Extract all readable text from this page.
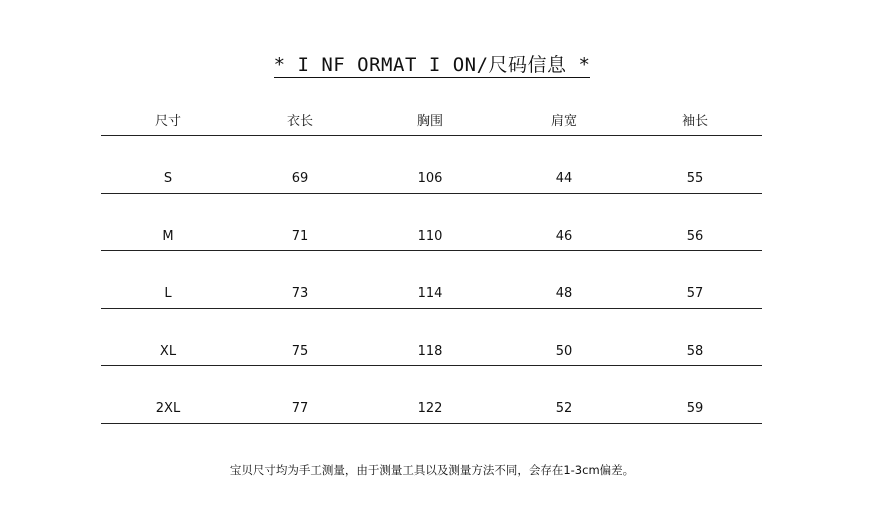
* I NF ORMAT I ON/尺码信息 *
尺寸	衣长	胸围	肩宽	袖长
S	69	106	44	55
M	71	110	46	56
L	73	114	48	57
XL	75	118	50	58
2XL	77	122	52	59
宝贝尺寸均为手工测量，由于测量工具以及测量方法不同，会存在1-3cm偏差。
